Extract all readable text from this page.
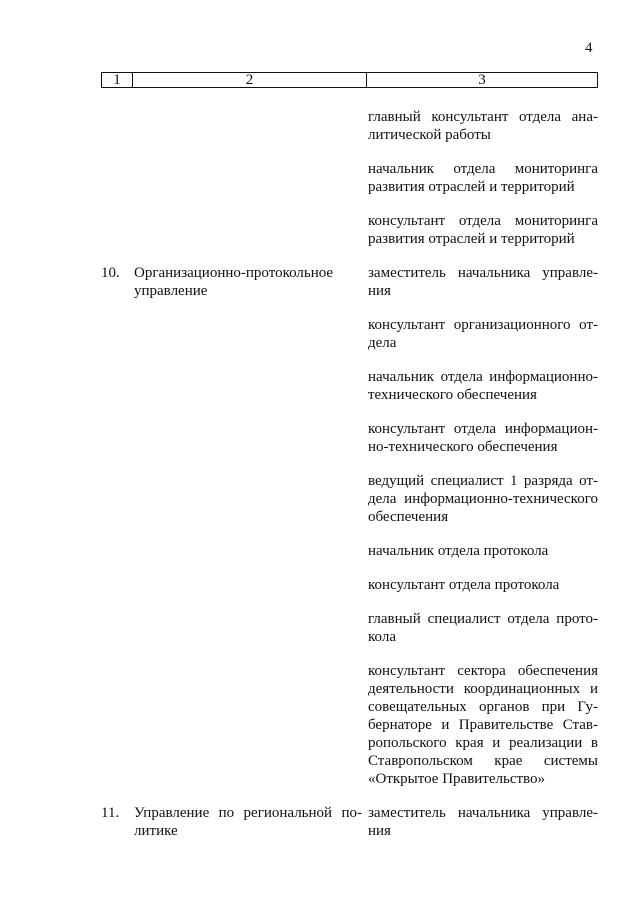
4
1	2	3
главный консультант отдела аналитической работы
начальник отдела мониторинга развития отраслей и территорий
консультант отдела мониторинга развития отраслей и территорий
10. Организационно-протокольное управление
заместитель начальника управления
консультант организационного отдела
начальник отдела информационно-технического обеспечения
консультант отдела информационно-технического обеспечения
ведущий специалист 1 разряда отдела информационно-технического обеспечения
начальник отдела протокола
консультант отдела протокола
главный специалист отдела протокола
консультант сектора обеспечения деятельности координационных и совещательных органов при Губернаторе и Правительстве Ставропольского края и реализации в Ставропольском крае системы «Открытое Правительство»
11. Управление по региональной политике
заместитель начальника управления
